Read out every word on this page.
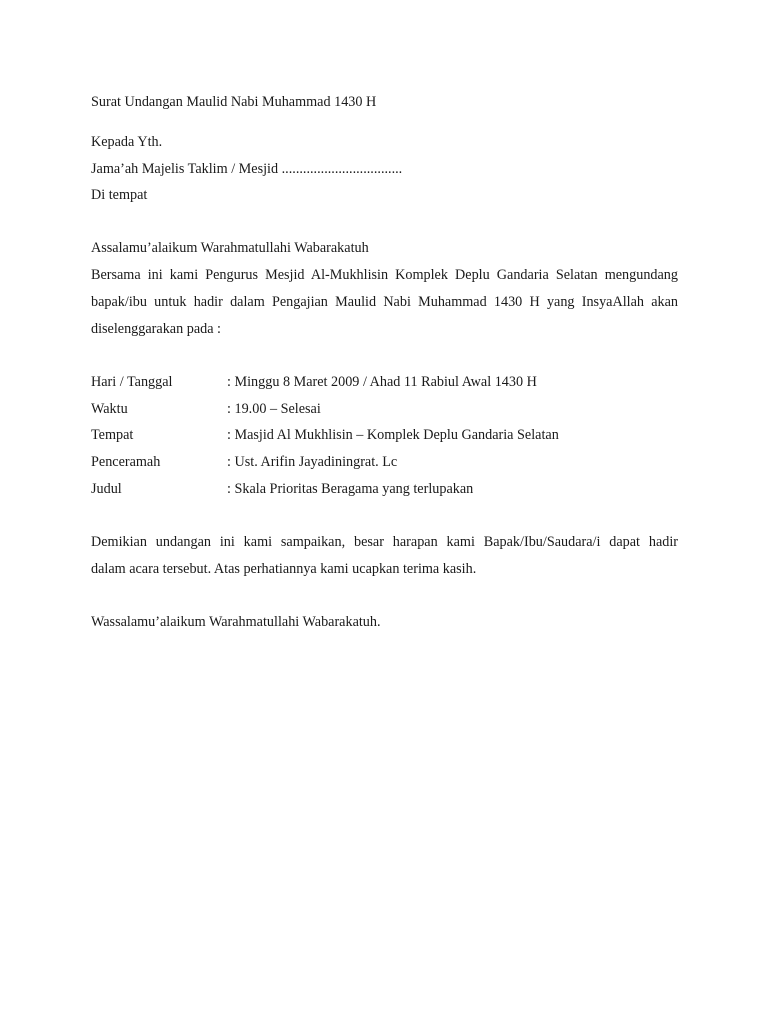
Surat Undangan Maulid Nabi Muhammad 1430 H
Kepada Yth.
Jama’ah Majelis Taklim / Mesjid ..................................
Di tempat
Assalamu’alaikum Warahmatullahi Wabarakatuh
Bersama ini kami Pengurus Mesjid Al-Mukhlisin Komplek Deplu Gandaria Selatan mengundang
bapak/ibu untuk hadir dalam Pengajian Maulid Nabi Muhammad 1430 H yang InsyaAllah akan
diselenggarakan pada :
Hari / Tanggal	: Minggu 8 Maret 2009 / Ahad 11 Rabiul Awal 1430 H
Waktu	: 19.00 – Selesai
Tempat	: Masjid Al Mukhlisin – Komplek Deplu Gandaria Selatan
Penceramah	: Ust. Arifin Jayadiningrat. Lc
Judul	: Skala Prioritas Beragama yang terlupakan
Demikian undangan ini kami sampaikan, besar harapan kami Bapak/Ibu/Saudara/i dapat hadir
dalam acara tersebut. Atas perhatiannya kami ucapkan terima kasih.
Wassalamu’alaikum Warahmatullahi Wabarakatuh.
